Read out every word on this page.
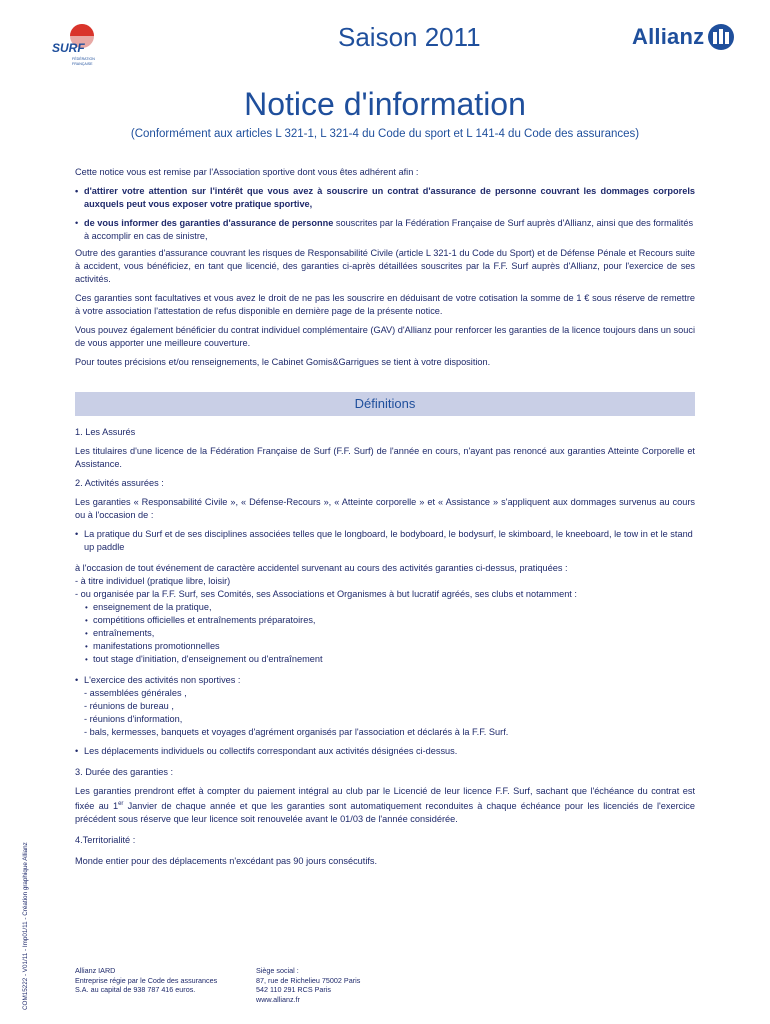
SURF
FÉDÉRATION
FRANÇAISE
Saison 2011	Allianz
Notice d'information
(Conformément aux articles L 321-1, L 321-4 du Code du sport et L 141-4 du Code des assurances)

Cette notice vous est remise par l'Association sportive dont vous êtes adhérent afin :

• d'attirer votre attention sur l'intérêt que vous avez à souscrire un contrat d'assurance de personne couvrant les dommages corporels auxquels peut vous exposer votre pratique sportive,

• de vous informer des garanties d'assurance de personne souscrites par la Fédération Française de Surf auprès d'Allianz, ainsi que des formalités à accomplir en cas de sinistre,

Outre des garanties d'assurance couvrant les risques de Responsabilité Civile (article L 321-1 du Code du Sport) et de Défense Pénale et Recours suite à accident, vous bénéficiez, en tant que licencié, des garanties ci-après détaillées souscrites par la F.F. Surf auprès d'Allianz, pour l'exercice de ses activités.

Ces garanties sont facultatives et vous avez le droit de ne pas les souscrire en déduisant de votre cotisation la somme de 1 € sous réserve de remettre à votre association l'attestation de refus disponible en dernière page de la présente notice.

Vous pouvez également bénéficier du contrat individuel complémentaire (GAV) d'Allianz pour renforcer les garanties de la licence toujours dans un souci de vous apporter une meilleure couverture.

Pour toutes précisions et/ou renseignements, le Cabinet Gomis&Garrigues se tient à votre disposition.

Définitions

1. Les Assurés

Les titulaires d'une licence de la Fédération Française de Surf (F.F. Surf) de l'année en cours, n'ayant pas renoncé aux garanties Atteinte Corporelle et Assistance.

2. Activités assurées :

Les garanties « Responsabilité Civile », « Défense-Recours », « Atteinte corporelle » et « Assistance » s'appliquent aux dommages survenus au cours ou à l'occasion de :

• La pratique du Surf et de ses disciplines associées telles que le longboard, le bodyboard, le bodysurf, le skimboard, le kneeboard, le tow in et le stand up paddle

à l'occasion de tout événement de caractère accidentel survenant au cours des activités garanties ci-dessus, pratiquées :

- à titre individuel (pratique libre, loisir)

- ou organisée par la F.F. Surf, ses Comités, ses Associations et Organismes à but lucratif agréés, ses clubs et notamment :

• enseignement de la pratique,

• compétitions officielles et entraînements préparatoires,

• entraînements,

• manifestations promotionnelles

• tout stage d'initiation, d'enseignement ou d'entraînement

• L'exercice des activités non sportives :

- assemblées générales ,

- réunions de bureau ,

- réunions d'information,

- bals, kermesses, banquets et voyages d'agrément organisés par l'association et déclarés à la F.F. Surf.

• Les déplacements individuels ou collectifs correspondant aux activités désignées ci-dessus.

3. Durée des garanties :

Les garanties prendront effet à compter du paiement intégral au club par le Licencié de leur licence F.F. Surf, sachant que l'échéance du contrat est fixée au 1er Janvier de chaque année et que les garanties sont automatiquement reconduites à chaque échéance pour les licenciés de l'exercice précédent sous réserve que leur licence soit renouvelée avant le 01/03 de l'année considérée.

4.Territorialité :

Monde entier pour des déplacements n'excédant pas 90 jours consécutifs.

COM15222 - V01/11 - Imp01/11 - Création graphique Allianz	Allianz IARD
Entreprise régie par le Code des assurances
S.A. au capital de 938 787 416 euros.
Siège social :
87, rue de Richelieu 75002 Paris
542 110 291 RCS Paris
www.allianz.fr
